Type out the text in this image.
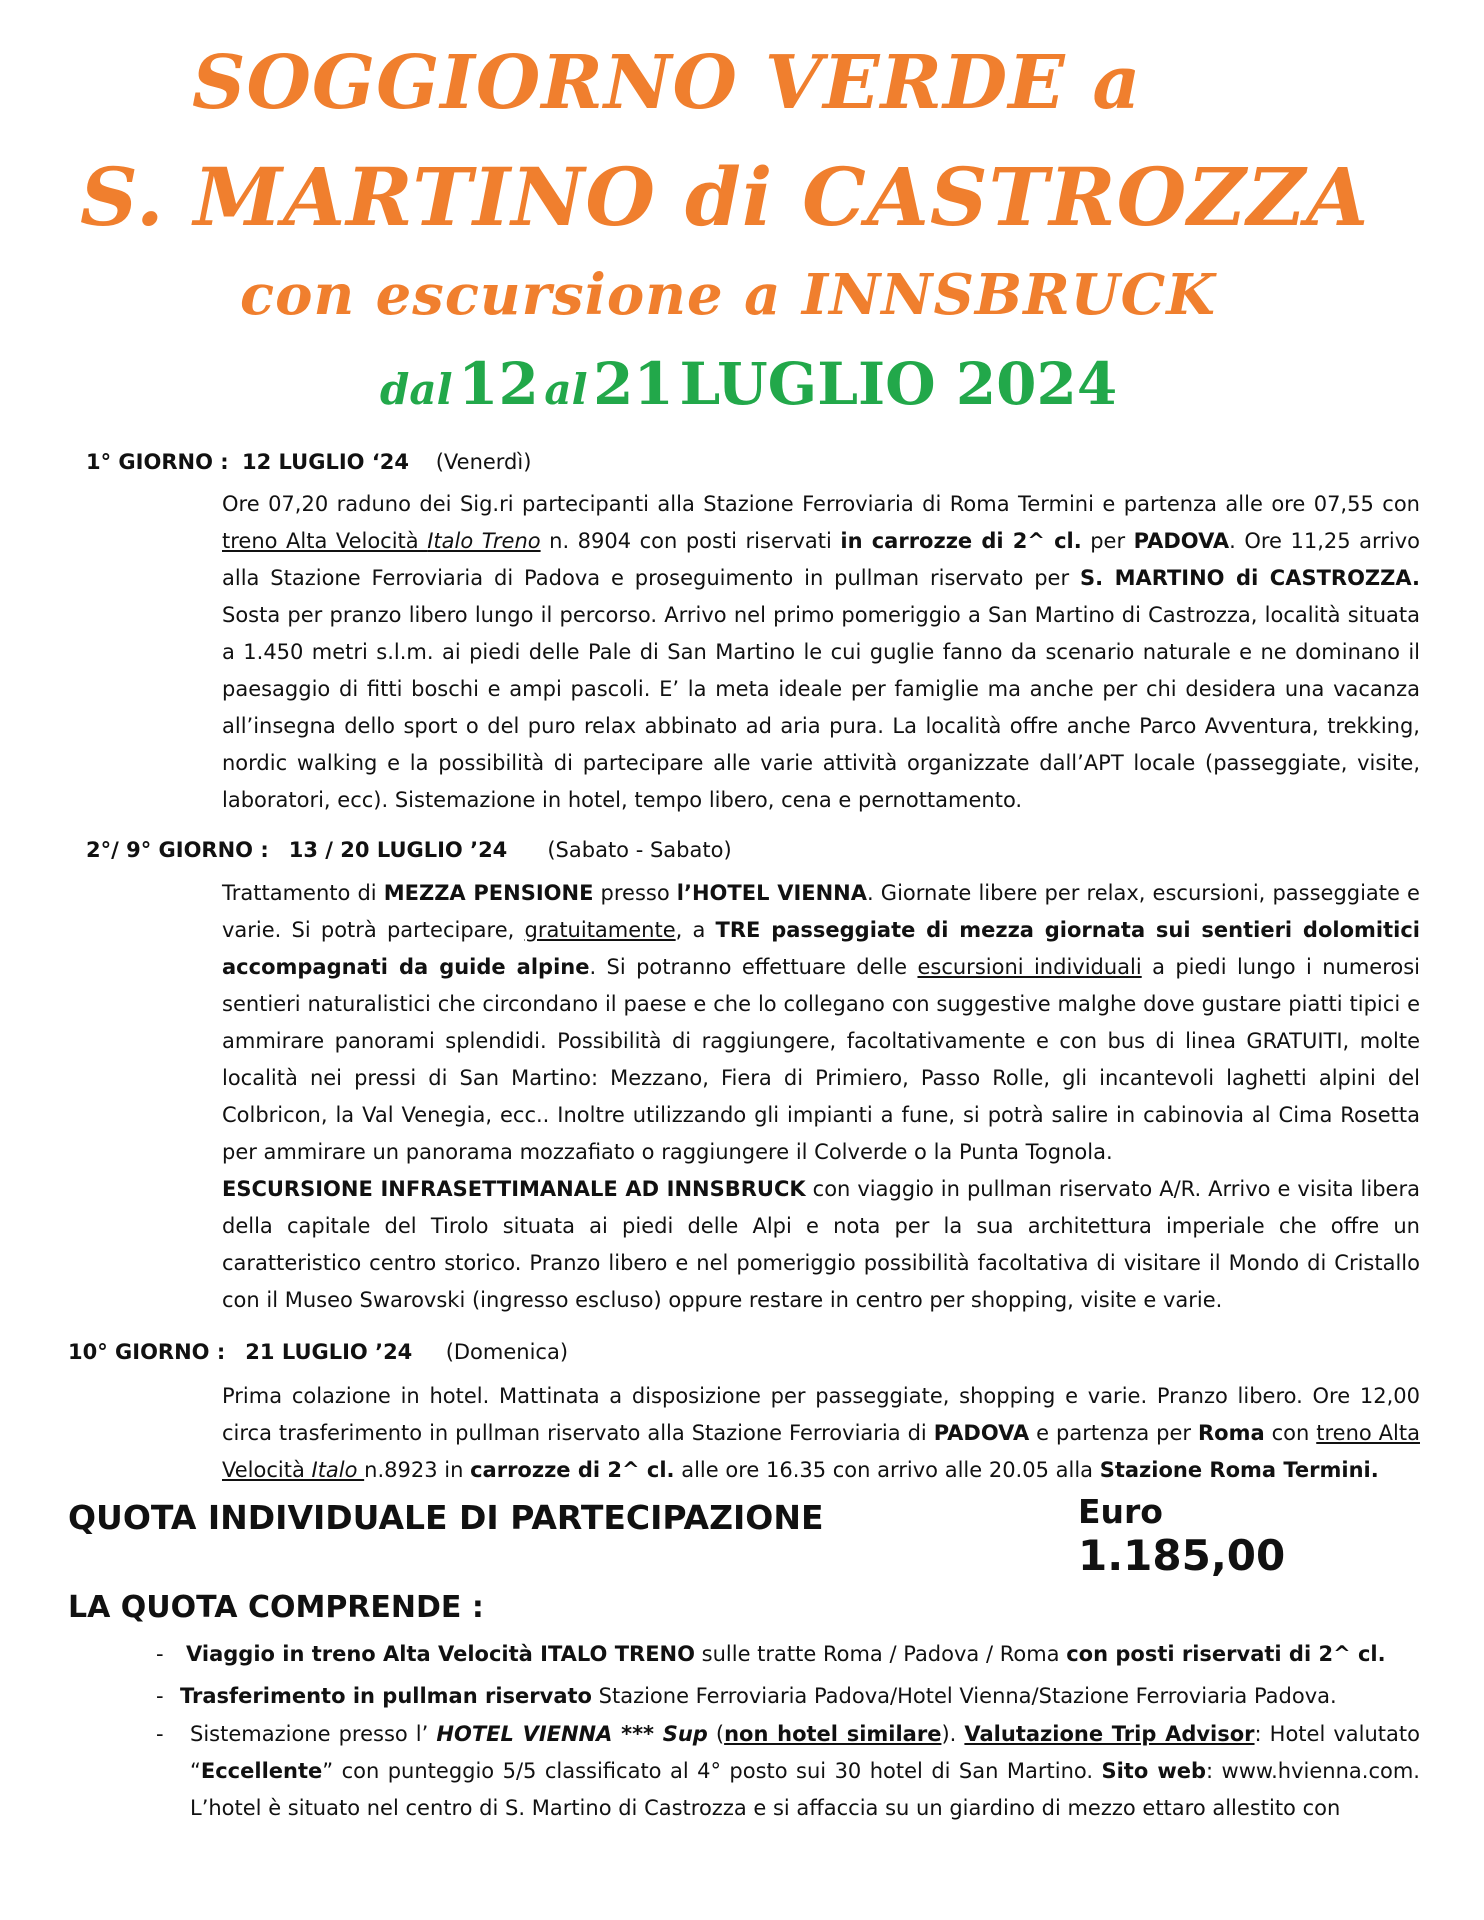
SOGGIORNO VERDE a
S. MARTINO di CASTROZZA
con escursione a INNSBRUCK
dal 12 al 21 LUGLIO 2024
1° GIORNO : 12 LUGLIO ‘24 (Venerdì)

Ore 07,20 raduno dei Sig.ri partecipanti alla Stazione Ferroviaria di Roma Termini e partenza alle ore 07,55 con treno Alta Velocità Italo Treno n. 8904 con posti riservati in carrozze di 2^ cl. per PADOVA. Ore 11,25 arrivo alla Stazione Ferroviaria di Padova e proseguimento in pullman riservato per S. MARTINO di CASTROZZA. Sosta per pranzo libero lungo il percorso. Arrivo nel primo pomeriggio a San Martino di Castrozza, località situata a 1.450 metri s.l.m. ai piedi delle Pale di San Martino le cui guglie fanno da scenario naturale e ne dominano il paesaggio di fitti boschi e ampi pascoli. E’ la meta ideale per famiglie ma anche per chi desidera una vacanza all’insegna dello sport o del puro relax abbinato ad aria pura. La località offre anche Parco Avventura, trekking, nordic walking e la possibilità di partecipare alle varie attività organizzate dall’APT locale (passeggiate, visite, laboratori, ecc). Sistemazione in hotel, tempo libero, cena e pernottamento.

2°/ 9° GIORNO : 13 / 20 LUGLIO ’24 (Sabato - Sabato)

Trattamento di MEZZA PENSIONE presso l’HOTEL VIENNA. Giornate libere per relax, escursioni, passeggiate e varie. Si potrà partecipare, gratuitamente, a TRE passeggiate di mezza giornata sui sentieri dolomitici accompagnati da guide alpine. Si potranno effettuare delle escursioni individuali a piedi lungo i numerosi sentieri naturalistici che circondano il paese e che lo collegano con suggestive malghe dove gustare piatti tipici e ammirare panorami splendidi. Possibilità di raggiungere, facoltativamente e con bus di linea GRATUITI, molte località nei pressi di San Martino: Mezzano, Fiera di Primiero, Passo Rolle, gli incantevoli laghetti alpini del Colbricon, la Val Venegia, ecc.. Inoltre utilizzando gli impianti a fune, si potrà salire in cabinovia al Cima Rosetta per ammirare un panorama mozzafiato o raggiungere il Colverde o la Punta Tognola.

ESCURSIONE INFRASETTIMANALE AD INNSBRUCK con viaggio in pullman riservato A/R. Arrivo e visita libera della capitale del Tirolo situata ai piedi delle Alpi e nota per la sua architettura imperiale che offre un caratteristico centro storico. Pranzo libero e nel pomeriggio possibilità facoltativa di visitare il Mondo di Cristallo con il Museo Swarovski (ingresso escluso) oppure restare in centro per shopping, visite e varie.

10° GIORNO : 21 LUGLIO ’24 (Domenica)

Prima colazione in hotel. Mattinata a disposizione per passeggiate, shopping e varie. Pranzo libero. Ore 12,00 circa trasferimento in pullman riservato alla Stazione Ferroviaria di PADOVA e partenza per Roma con treno Alta Velocità Italo n.8923 in carrozze di 2^ cl. alle ore 16.35 con arrivo alle 20.05 alla Stazione Roma Termini.

QUOTA INDIVIDUALE DI PARTECIPAZIONE	Euro 1.185,00
LA QUOTA COMPRENDE :
- Viaggio in treno Alta Velocità ITALO TRENO sulle tratte Roma / Padova / Roma con posti riservati di 2^ cl.
- Trasferimento in pullman riservato Stazione Ferroviaria Padova/Hotel Vienna/Stazione Ferroviaria Padova.
- Sistemazione presso l’ HOTEL VIENNA *** Sup (non hotel similare). Valutazione Trip Advisor: Hotel valutato “Eccellente” con punteggio 5/5 classificato al 4° posto sui 30 hotel di San Martino. Sito web: www.hvienna.com. L’hotel è situato nel centro di S. Martino di Castrozza e si affaccia su un giardino di mezzo ettaro allestito con
